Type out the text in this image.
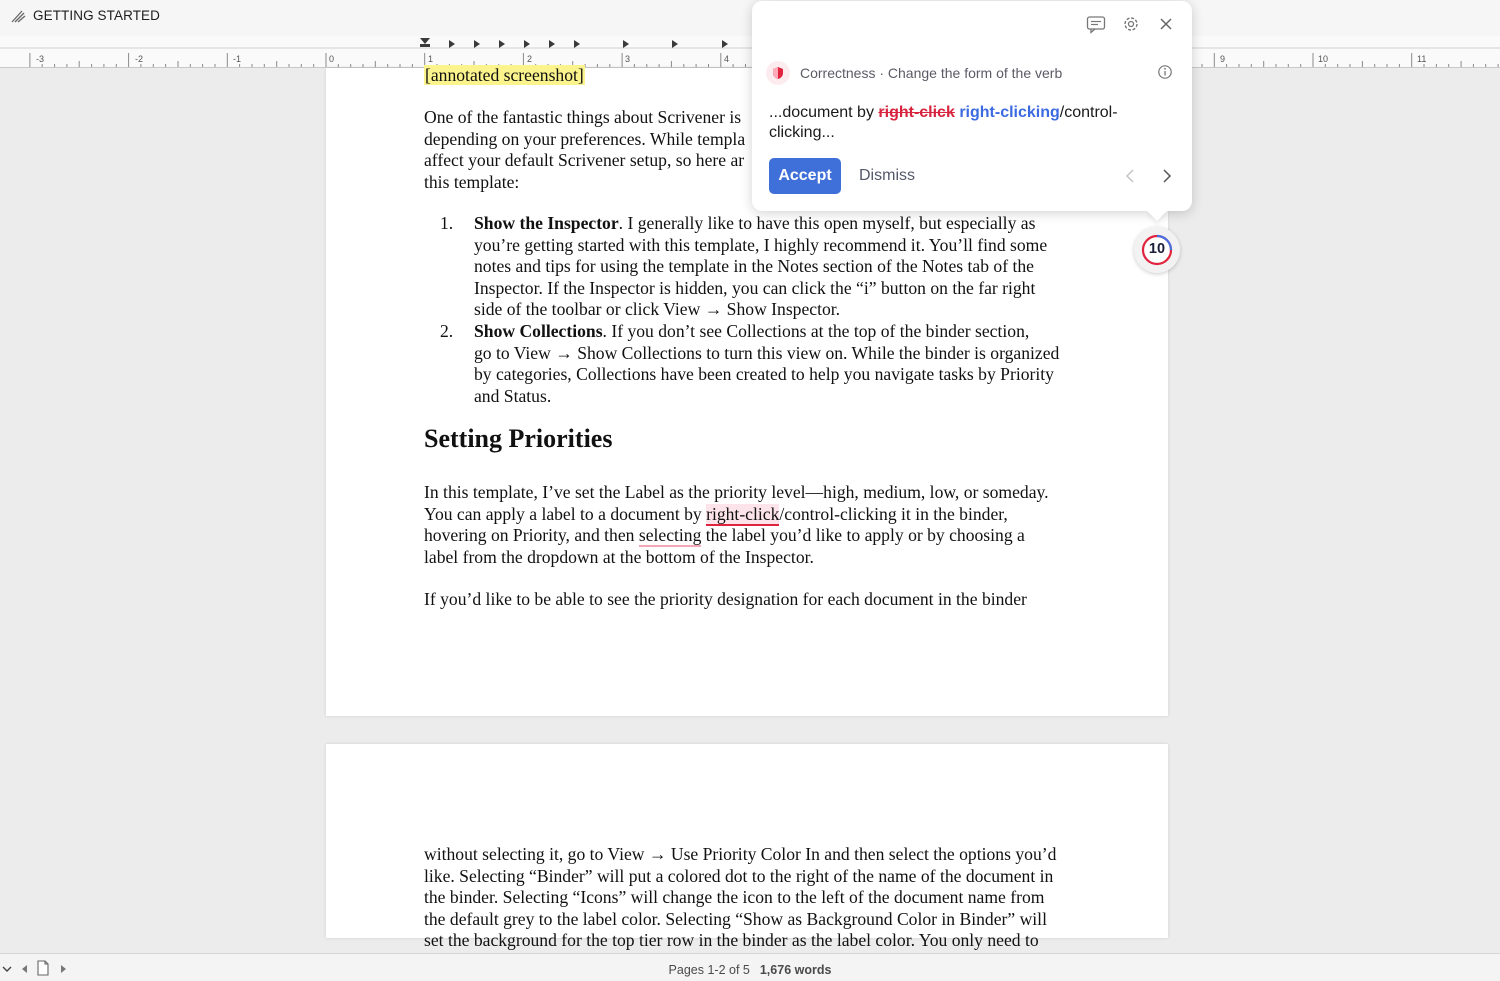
GETTING STARTED
-3	-2	-1	0	1	2	3	4	9	10	11
[annotated screenshot]
One of the fantastic things about Scrivener is
depending on your preferences. While templa
affect your default Scrivener setup, so here ar
this template:
1. Show the Inspector. I generally like to have this open myself, but especially as
you’re getting started with this template, I highly recommend it. You’ll find some
notes and tips for using the template in the Notes section of the Notes tab of the
Inspector. If the Inspector is hidden, you can click the “i” button on the far right
side of the toolbar or click View → Show Inspector.
2. Show Collections. If you don’t see Collections at the top of the binder section,
go to View → Show Collections to turn this view on. While the binder is organized
by categories, Collections have been created to help you navigate tasks by Priority
and Status.
Setting Priorities
In this template, I’ve set the Label as the priority level—high, medium, low, or someday.
You can apply a label to a document by right-click/control-clicking it in the binder,
hovering on Priority, and then selecting the label you’d like to apply or by choosing a
label from the dropdown at the bottom of the Inspector.
If you’d like to be able to see the priority designation for each document in the binder
without selecting it, go to View → Use Priority Color In and then select the options you’d
like. Selecting “Binder” will put a colored dot to the right of the name of the document in
the binder. Selecting “Icons” will change the icon to the left of the document name from
the default grey to the label color. Selecting “Show as Background Color in Binder” will
set the background for the top tier row in the binder as the label color. You only need to
Correctness · Change the form of the verb
...document by right-click right-clicking/control-clicking...
Accept	Dismiss
10
Pages 1-2 of 5 1,676 words
